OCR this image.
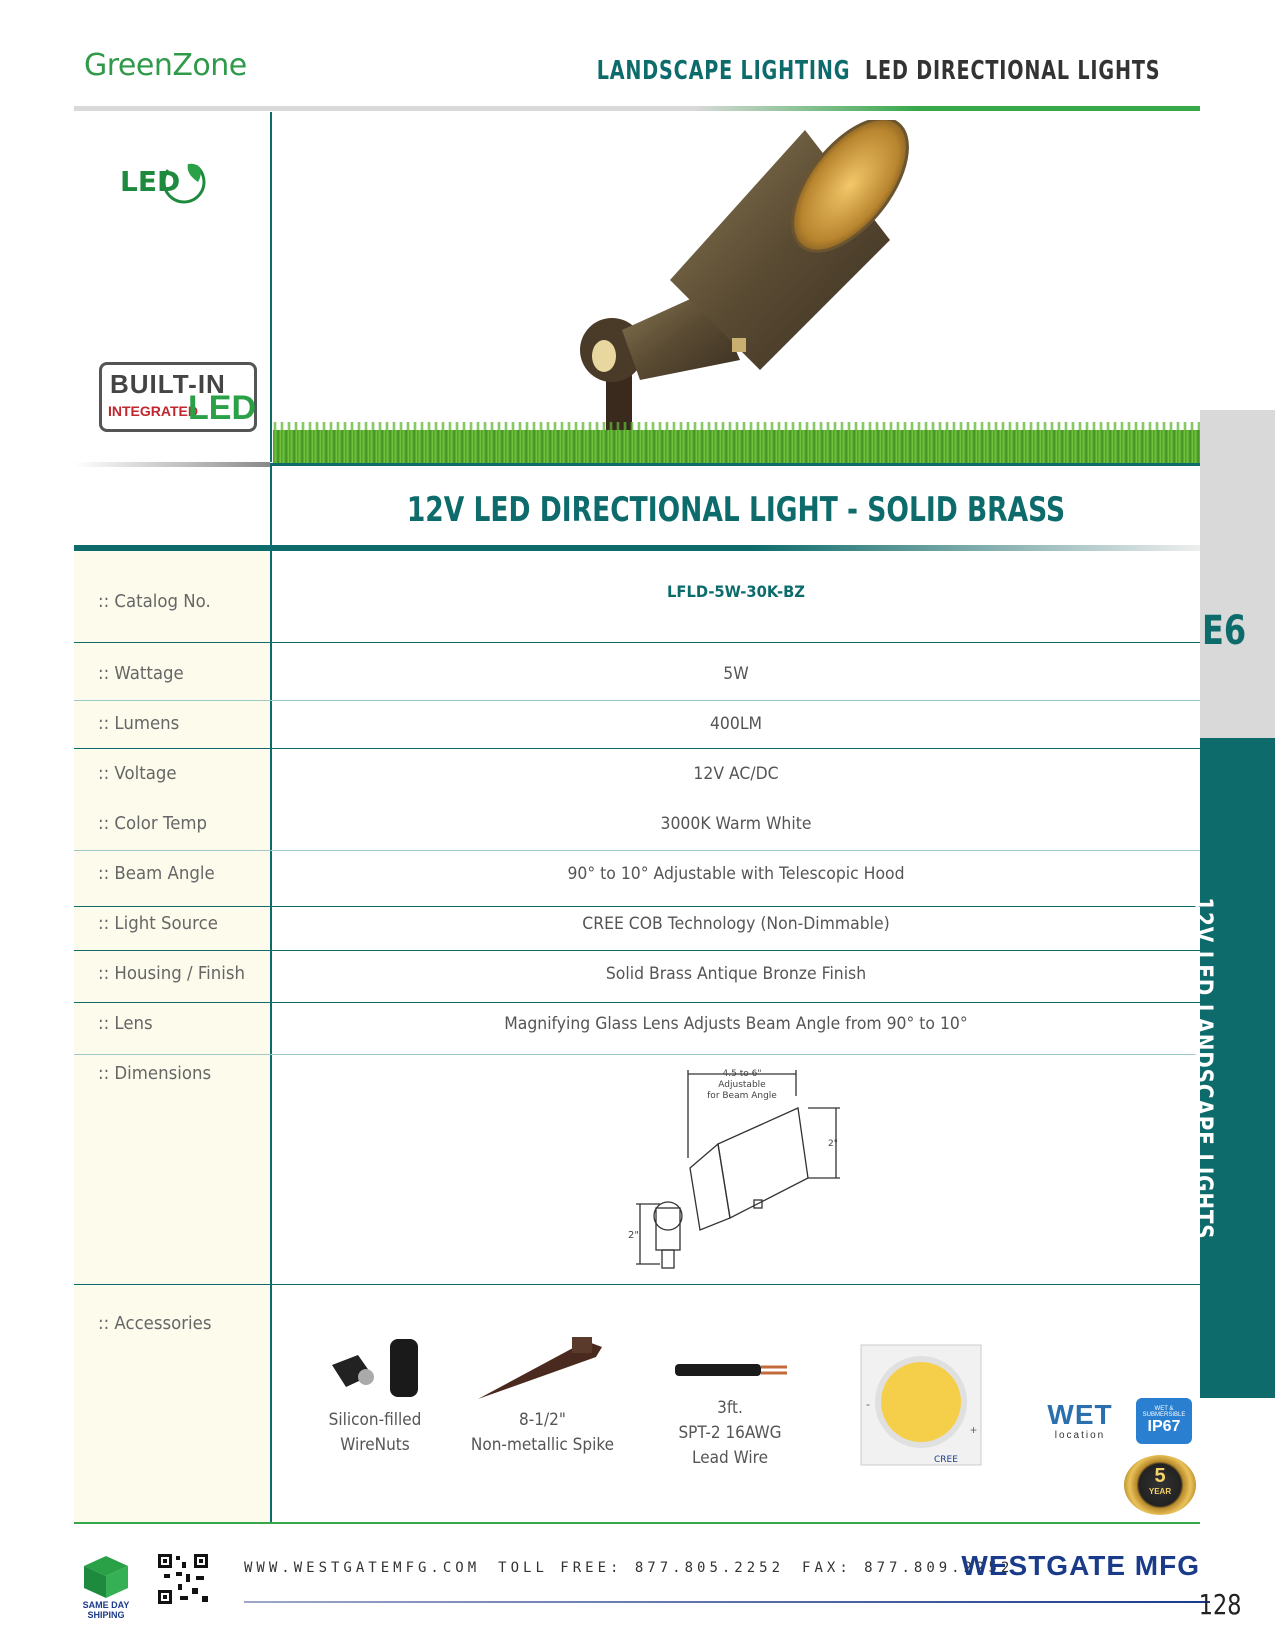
GreenZone	LANDSCAPE LIGHTING LED DIRECTIONAL LIGHTS
LED
BUILT-IN
INTEGRATED
LED
12V LED DIRECTIONAL LIGHT - SOLID BRASS
:: Catalog No.	LFLD-5W-30K-BZ
:: Wattage	5W
:: Lumens	400LM
:: Voltage	12V AC/DC
:: Color Temp	3000K Warm White
:: Beam Angle	90° to 10° Adjustable with Telescopic Hood
:: Light Source	CREE COB Technology (Non-Dimmable)
:: Housing / Finish	Solid Brass Antique Bronze Finish
:: Lens	Magnifying Glass Lens Adjusts Beam Angle from 90° to 10°
:: Dimensions	4.5 to 6"
Adjustable
for Beam Angle
2"
2"
:: Accessories
Silicon-filled
WireNuts
8-1/2"
Non-metallic Spike
3ft.
SPT-2 16AWG
Lead Wire
-
+
CREE
WET
location
WET & SUBMERSIBLE
IP67
5
YEAR
E6
12V LED LANDSCAPE LIGHTS
SAME DAY SHIPING
WWW.WESTGATEMFG.COM TOLL FREE: 877.805.2252 FAX: 877.809.2252
WESTGATE MFG
128
